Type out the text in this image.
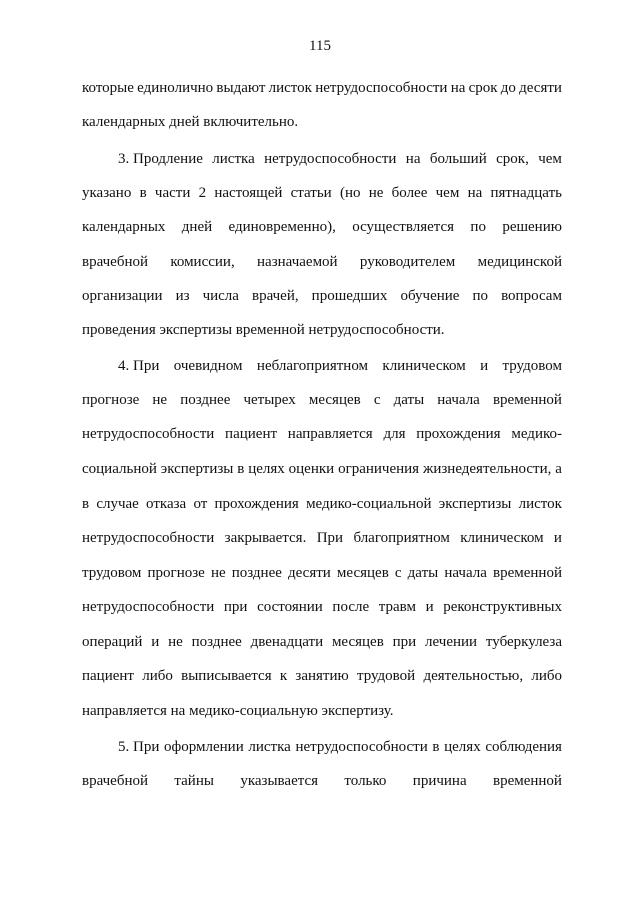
115
которые единолично выдают листок нетрудоспособности на срок до десяти
календарных дней включительно.
3. Продление листка нетрудоспособности на больший срок, чем
указано в части 2 настоящей статьи (но не более чем на пятнадцать
календарных дней единовременно), осуществляется по решению
врачебной комиссии, назначаемой руководителем медицинской
организации из числа врачей, прошедших обучение по вопросам
проведения экспертизы временной нетрудоспособности.
4. При очевидном неблагоприятном клиническом и трудовом
прогнозе не позднее четырех месяцев с даты начала временной
нетрудоспособности пациент направляется для прохождения медико-
социальной экспертизы в целях оценки ограничения жизнедеятельности, а
в случае отказа от прохождения медико-социальной экспертизы листок
нетрудоспособности закрывается. При благоприятном клиническом и
трудовом прогнозе не позднее десяти месяцев с даты начала временной
нетрудоспособности при состоянии после травм и реконструктивных
операций и не позднее двенадцати месяцев при лечении туберкулеза
пациент либо выписывается к занятию трудовой деятельностью, либо
направляется на медико-социальную экспертизу.
5. При оформлении листка нетрудоспособности в целях соблюдения
врачебной тайны указывается только причина временной
